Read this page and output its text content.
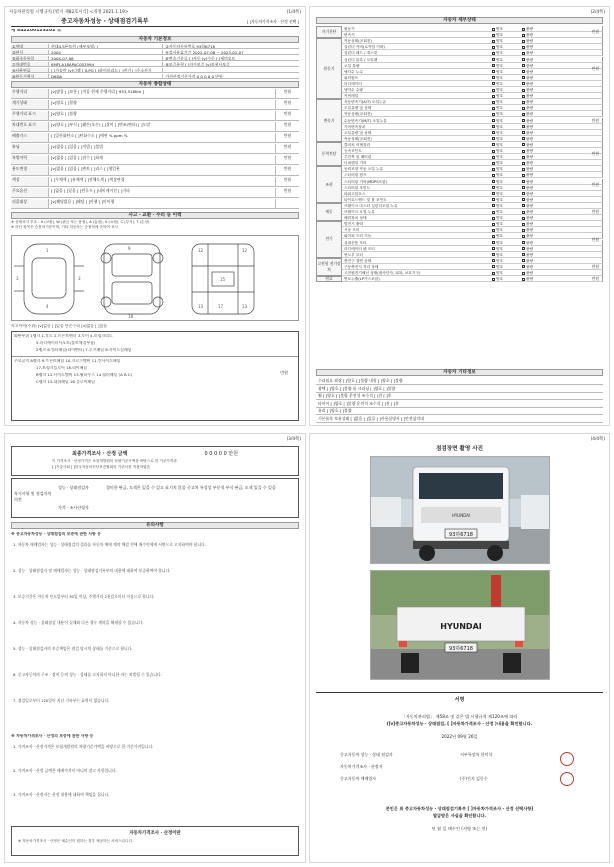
자동차관리법 시행규칙 [별지 제82호서식] <개정 2021.1.19>	(1/4쪽)
중고자동차성능 · 상태점검기록부	[ ]자동차가격조사 · 산정 선택 ]
제 842200123202 호
자동차 기본정보
①차명	현대4.5톤트럭 (세부모델: )	②자동차등록번호 93하6718
③연식	2004	④검사유효기간 2022-07-08 ~ 2023-01-07
⑤최초등록일	2004-07-08	⑥변속기종류 [ ]자동 [v]수동 [ ]세미오토
⑦차대번호	KMFLA18APAC052994	⑧보증유형 [ ]자가보증 [v]보험사보증
⑨사용연료	[ ]가솔린 [v]디젤 [ ]LPG [ ]하이브리드 [ ]전기 [ ]수소전기
⑩원동기형식	D6DA	가격산정기준가격 0 0 0 0 0 만원
자동차 종합상태
주행거리	[v]많음 [ ]보통 [ ]적음 현재 주행거리 [ 953,518Km ]	만원
계기상태	[v]양호 [ ]불량	만원
주행거리 표시	[v]양호 [ ]불량	만원
차대번호 표기	[v]양호 [ ]부식 [ ]훼손(오손) [ ]상이 [ ]변조(변타) [ ]도말	만원
배출가스	[ ]일산화탄소 [ ]탄화수소 [ ]매연 % ppm %	만원
튜닝	[v]없음 [ ]있음 [ ]적법 [ ]불법	만원
특별이력	[v]없음 [ ]있음 [ ]침수 [ ]화재	만원
용도변경	[v]없음 [ ]있음 [ ]렌트 [ ]리스 [ ]영업용	만원
색상	[ ]무채색 [ ]유채색 [ ]전체도색 [ ]색상변경	만원
주요옵션	[ ]없음 [ ]있음 [ ]썬루프 [ ]네비게이션 [ ]기타	만원
리콜대상	[v]해당없음 [ ]해당 [ ]이행 [ ]미이행
사고 · 교환 · 수리 등 이력
※ 상태표시 부호 : X (교환), W (판금 또는 용접), A (흠집), U (요철), C (부식), T (손상)
※ 하단 항목은 승용차기준이며, 기타 자동차는 승용차에 준하여 표시
1
4
3	3
9
18
12	12
15
17
13	13
사고이력(주위) [v]없음 [ ]있음 단순수리 [v]없음 [ ]있음
외판부위 1랭크 1.후드 2.프론트펜더 3.도어 4.트렁크리드
5.라디에이터서포트(볼트체결부품)
2랭크 6.쿼터패널(리어펜더) 7.루프패널 8.사이드실패널
주요골격 A랭크 9.프론트패널 10.크로스멤버 11.인사이드패널
17.트렁크플로어 18.리어패널
B랭크 12.사이드멤버 13.휠하우스 14.필러패널 (A B C)
C랭크 15.대쉬패널 16.플로어패널
만원
(2/4쪽)
자동차 세부상태
자기진단
원동기	양호	불량
변속기	양호	불량
만원
원동기
작동상태(공회전)	양호	불량
실린더 커버(로커암 커버)	양호	불량
실린더 헤드 / 개스킷	양호	불량
실린더 블록 / 오일팬	양호	불량
오일 유량	양호	불량
냉각수 누수	양호	불량
워터펌프	양호	불량
라디에이터	양호	불량
냉각수 수량	양호	불량
커먼레일	양호	불량
만원
변속기
자동변속기(A/T) 오일누유	양호	불량
오일유량 및 상태	양호	불량
작동상태(공회전)	양호	불량
수동변속기(M/T) 오일누유	양호	불량
기어변속장치	양호	불량
오일유량 및 상태	양호	불량
작동상태(공회전)	양호	불량
만원
동력전달
클러치 어셈블리	양호	불량
등속조인트	양호	불량
추진축 및 베어링	양호	불량
디퍼렌셜 기어	양호	불량
만원
조향
동력조향 작동 오일 누유	양호	불량
스티어링 펌프	양호	불량
스티어링 기어(MDPS포함)	양호	불량
스티어링 조인트	양호	불량
파워고압호스	양호	불량
타이로드엔드 및 볼 조인트	양호	불량
만원
제동
브레이크 마스터 실린더오일 누유	양호	불량
브레이크 오일 누유	양호	불량
배력장치 상태	양호	불량
만원
전기
발전기 출력	양호	불량
시동 모터	양호	불량
와이퍼 모터 기능	양호	불량
실내송풍 모터	양호	불량
라디에이터 팬 모터	양호	불량
윈도우 모터	양호	불량
만원
고전원 전기장치
충전구 절연 상태	양호	불량
구동축전지 격리 상태	양호	불량
고전원전기배선 상태(접속단자, 피복, 보호기구)	양호	불량
만원
연료	연료누출(LP가스포함)	양호	불량	만원
자동차 기타정보
수리필요 외장 [ ]양호 [ ]불량 내장 [ ]양호 [ ]불량
광택 [ ]양호 [ ]불량 룸 크리닝 [ ]양호 [ ]불량
휠 [ ]양호 [ ]불량 운전석 조수석 [ ]전 [ ]후
타이어 [ ]양호 [ ]불량 운전석 조수석 [ ]전 [ ]후
유리 [ ]양호 [ ]불량
기본품목 보유상태 [ ]없음 [ ]있음 [ ]사용설명서 [ ]안전삼각대
(3/4쪽)
최종가격조사 · 산정 금액	0 0 0 0 0 만원
이 가격조사 · 산정가격은 보험개발원의 차량기준가액을 바탕으로 한 기준가격과
[ ]기술사회 [ ]한국자동차진단보증협회의 기준서를 적용하였음
특기사항 및 점검자의 의견
성능 · 상태점검자
가격 · 조사산정자
경미한 판금, 도색은 있을 수 있고 표기치 않음 중고차 특성상 부분적 부식 판금, 도색 있을 수 있음
유의사항
※ 중고자동차성능 · 상태점검의 보증에 관한 사항 등
1. 자동차 매매업자는 성능 · 상태점검의 결과를 자동차 매매 계약 체결 전에 매수인에게 서면으로 고지하여야 합니다.
2. 성능 · 상태점검자 및 매매업자는 성능 · 상태점검기록부의 내용에 대하여 보증하여야 합니다.
3. 보증기간은 자동차 인도일부터 30일 이상, 주행거리 2천킬로미터 이상으로 합니다.
4. 자동차 성능 · 상태점검 내용이 실제와 다른 경우 계약을 해제할 수 있습니다.
5. 성능 · 상태점검자의 보증책임은 점검 당시의 상태를 기준으로 합니다.
6. 중고자동차의 구조 · 장치 등의 성능 · 상태를 고지하지 아니한 자는 처벌될 수 있습니다.
7. 점검일로부터 120일이 지난 기록부는 효력이 없습니다.
※ 자동차가격조사 · 산정의 보증에 관한 사항 등
1. 가격조사 · 산정가격은 보험개발원의 차량기준가액을 바탕으로 한 기준가격입니다.
2. 가격조사 · 산정 금액은 매매가격이 아니며 참고 사항입니다.
3. 가격조사 · 산정자는 산정 내용에 대하여 책임을 집니다.
자동차가격조사 · 산정이란
※ 자동차가격조사 · 산정은 매수인이 원하는 경우 제공하는 서비스입니다.
(4/4쪽)
점검장면 촬영 사진
HYUNDAI
93하6718
HYUNDAI
93하6718
서명
「자동차관리법」 제58조 및 같은 법 시행규칙 제120조에 따라
([v]중고자동차성능 · 상태점검, [ ]자동차가격조사 · 산정 )내용을 확인합니다.
2022년 09월 26일
중고자동차 성능 · 상태 점검자	서부특장차 한덕석
자동차가격조사 · 산정자
중고자동차 매매업자	(주)진지 김동수
본인은 위 중고자동차성능 · 상태점검기록부 [ ]자동차가격조사 · 산정 선택사항]
발급받은 사실을 확인합니다.
년 월 일 매수인 (서명 또는 인)
